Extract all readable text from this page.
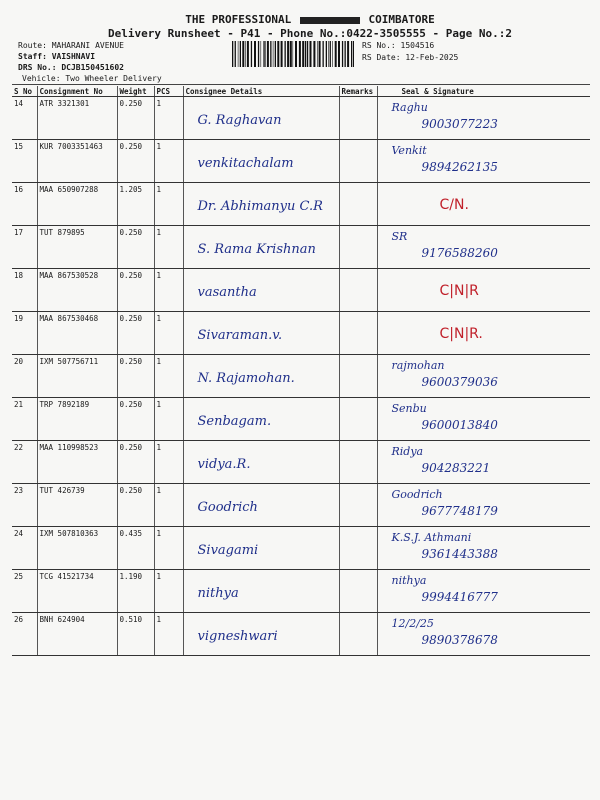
THE PROFESSIONAL	COIMBATORE
Delivery Runsheet - P41 - Phone No.:0422-3505555 - Page No.:2
Route: MAHARANI AVENUE
Staff: VAISHNAVI
DRS No.: DCJB150451602
Vehicle: Two Wheeler Delivery
RS No.: 1504516
RS Date: 12-Feb-2025
S No	Consignment No	Weight	PCS	Consignee Details	Remarks	Seal & Signature
14	ATR 3321301	0.250	1	G. Raghavan		Raghu
9003077223

15	KUR 7003351463	0.250	1	venkitachalam		Venkit
9894262135

16	MAA 650907288	1.205	1	Dr. Abhimanyu C.R		C/N.

17	TUT 879895	0.250	1	S. Rama Krishnan		SR
9176588260

18	MAA 867530528	0.250	1	vasantha		C|N|R

19	MAA 867530468	0.250	1	Sivaraman.v.		C|N|R.

20	IXM 507756711	0.250	1	N. Rajamohan.		rajmohan
9600379036

21	TRP 7892189	0.250	1	Senbagam.		Senbu
9600013840

22	MAA 110998523	0.250	1	vidya.R.		Ridya
904283221

23	TUT 426739	0.250	1	Goodrich		Goodrich
9677748179

24	IXM 507810363	0.435	1	Sivagami		K.S.J. Athmani
9361443388

25	TCG 41521734	1.190	1	nithya		nithya
9994416777

26	BNH 624904	0.510	1	vigneshwari		12/2/25
9890378678
